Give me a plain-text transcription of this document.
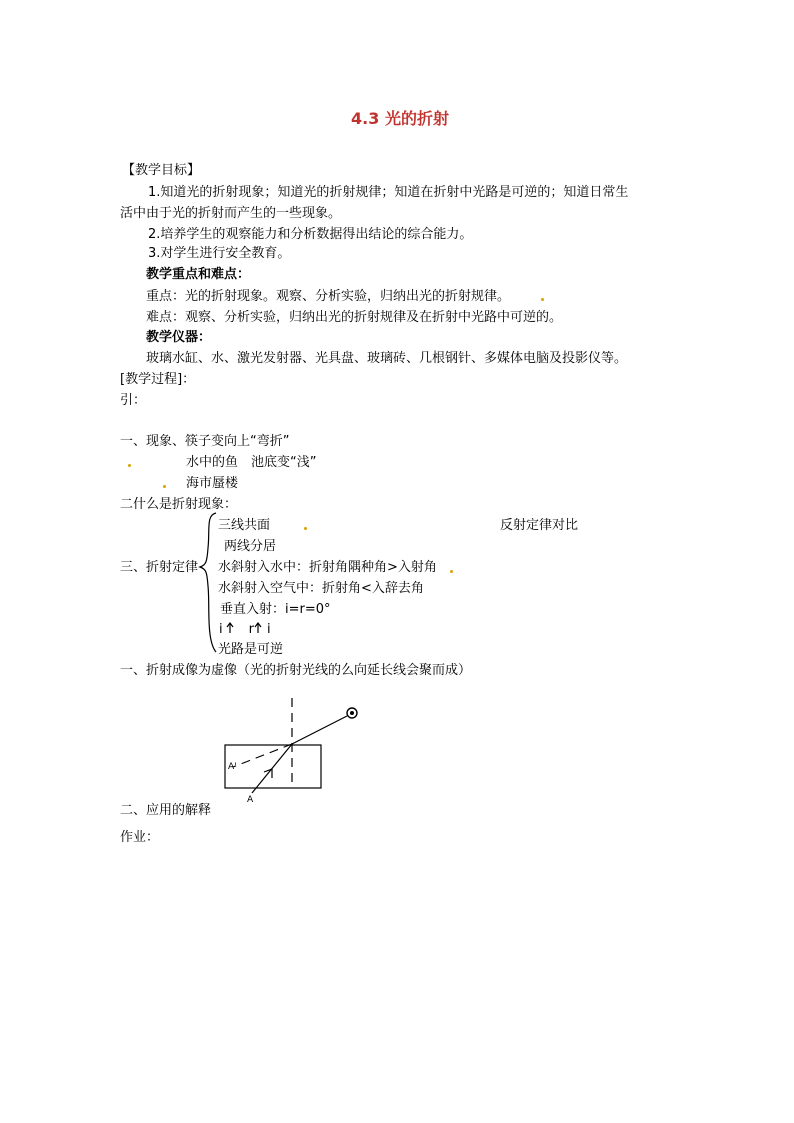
4.3 光的折射
【教学目标】
1.知道光的折射现象；知道光的折射规律；知道在折射中光路是可逆的；知道日常生
活中由于光的折射而产生的一些现象。
2.培养学生的观察能力和分析数据得出结论的综合能力。
3.对学生进行安全教育。
教学重点和难点：
重点：光的折射现象。观察、分析实验，归纳出光的折射规律。
难点：观察、分析实验，归纳出光的折射规律及在折射中光路中可逆的。
教学仪器：
玻璃水缸、水、激光发射器、光具盘、玻璃砖、几根钢针、多媒体电脑及投影仪等。
[教学过程]：
引：
一、现象、筷子变向上“弯折”
水中的鱼　池底变“浅”
海市蜃楼
二什么是折射现象：
三线共面	反射定律对比
两线分居
三、折射定律 水斜射入水中：折射角隅种角>入射角
水斜射入空气中：折射角<入辞去角
垂直入射：i=r=0°
i　　r　i
光路是可逆
一、折射成像为虚像（光的折射光线的么向延长线会聚而成）
A'
A
二、应用的解释
作业：
